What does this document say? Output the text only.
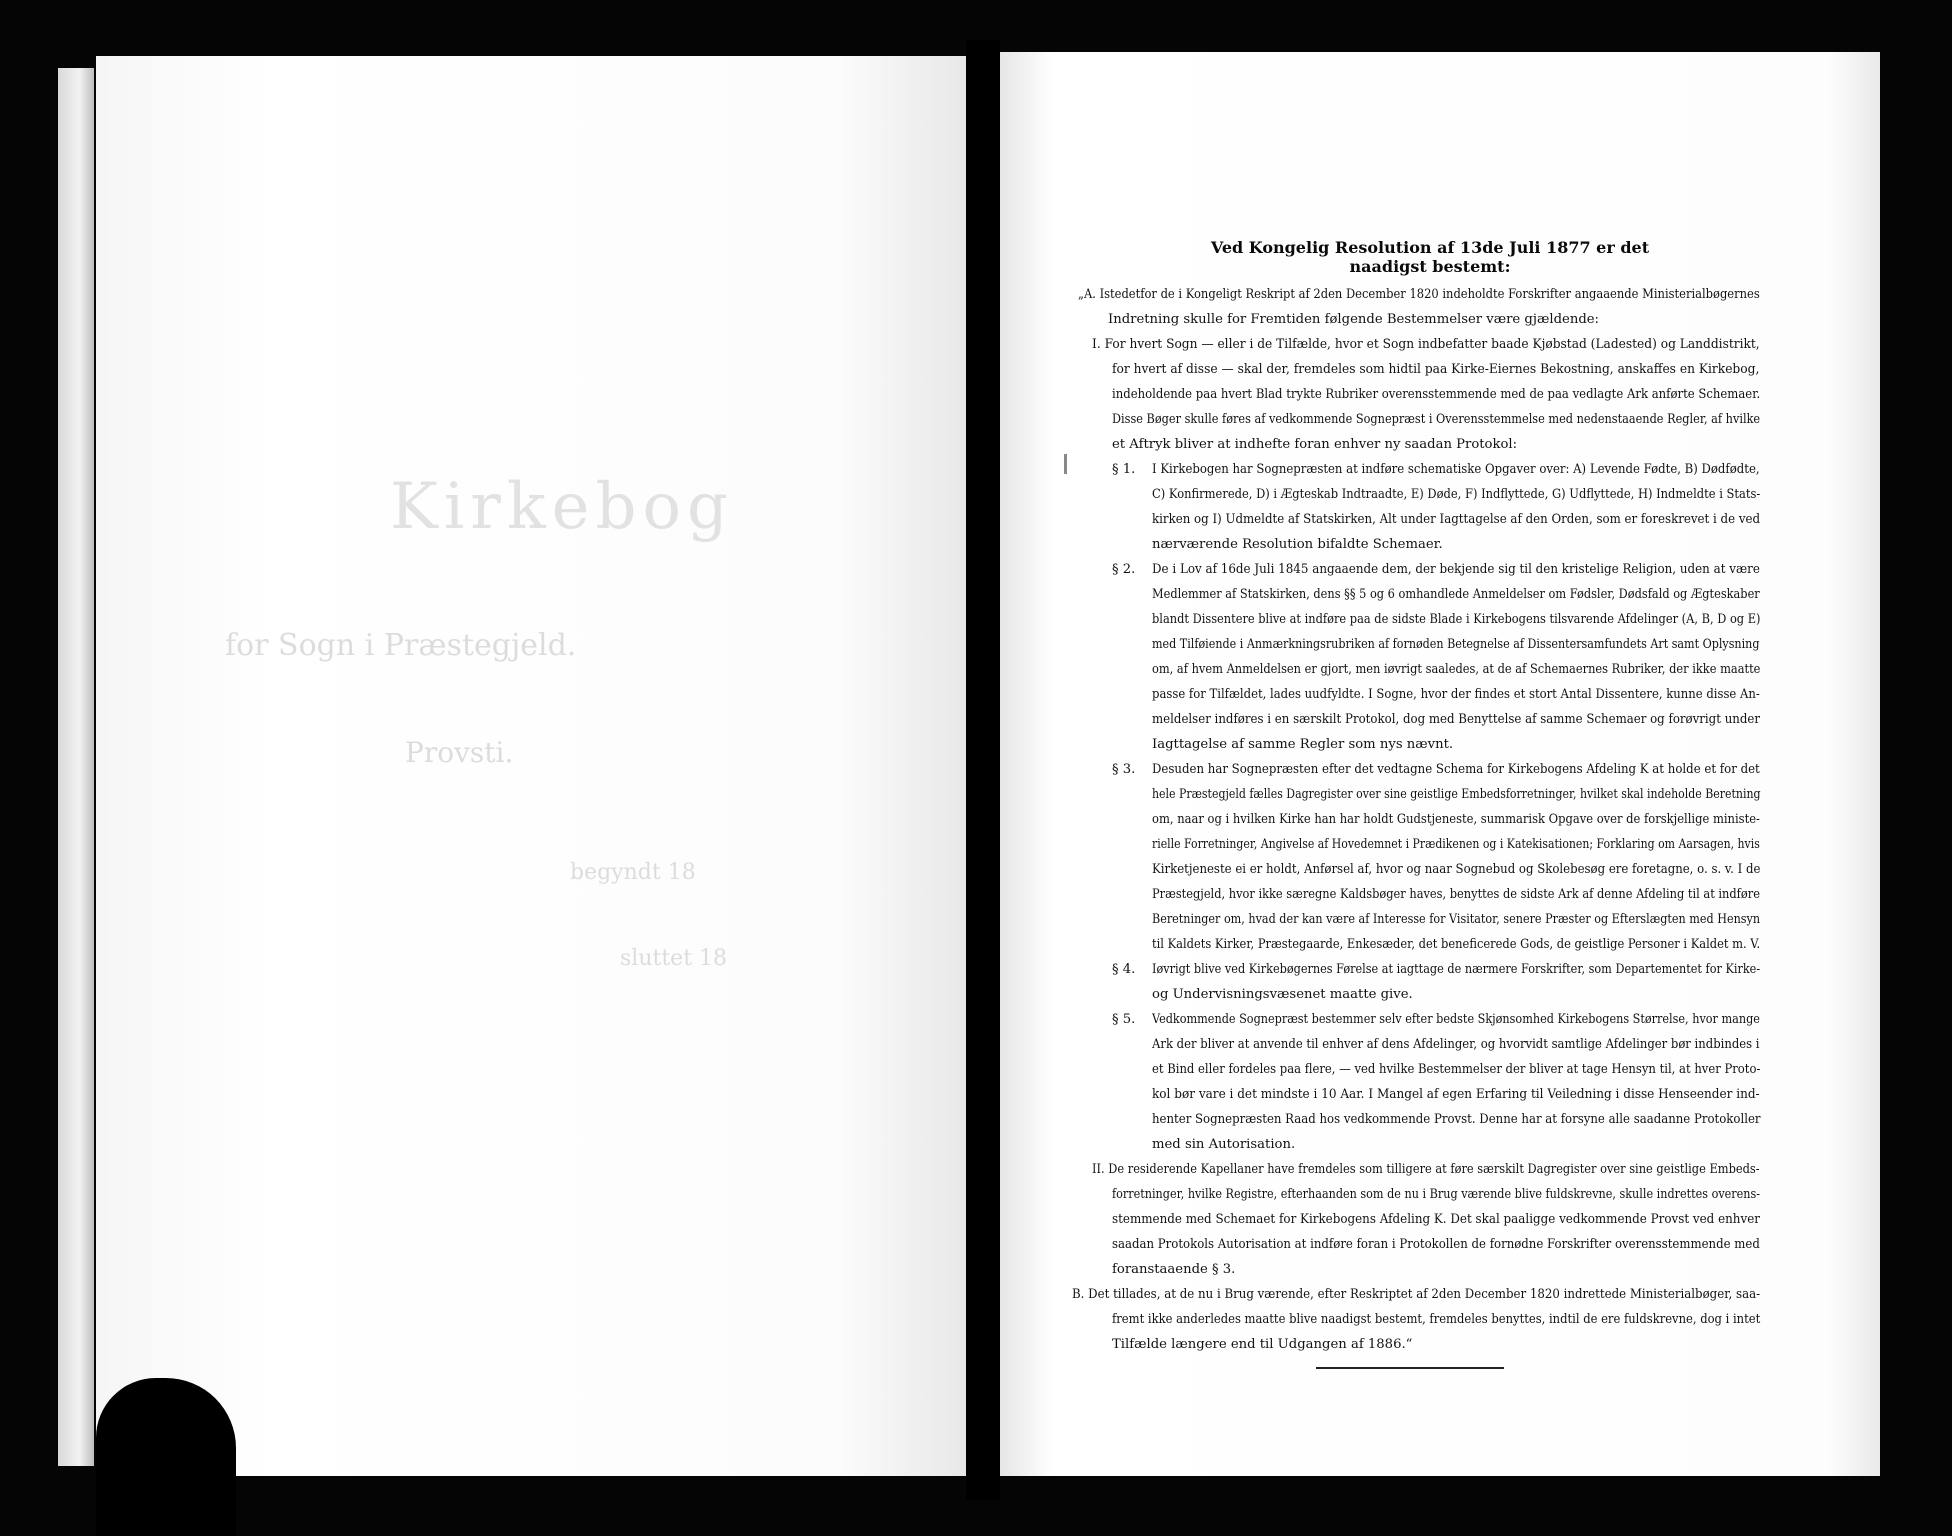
Kirkebog
for Sogn i Præstegjeld.
Provsti.
begyndt 18
sluttet 18
Ved Kongelig Resolution af 13de Juli 1877 er det naadigst bestemt:
„A. Istedetfor de i Kongeligt Reskript af 2den December 1820 indeholdte Forskrifter angaaende Ministerialbøgernes
Indretning skulle for Fremtiden følgende Bestemmelser være gjældende:
I. For hvert Sogn — eller i de Tilfælde, hvor et Sogn indbefatter baade Kjøbstad (Ladested) og Landdistrikt,
for hvert af disse — skal der, fremdeles som hidtil paa Kirke-Eiernes Bekostning, anskaffes en Kirkebog,
indeholdende paa hvert Blad trykte Rubriker overensstemmende med de paa vedlagte Ark anførte Schemaer.
Disse Bøger skulle føres af vedkommende Sognepræst i Overensstemmelse med nedenstaaende Regler, af hvilke
et Aftryk bliver at indhefte foran enhver ny saadan Protokol:
§ 1. I Kirkebogen har Sognepræsten at indføre schematiske Opgaver over: A) Levende Fødte, B) Dødfødte,
C) Konfirmerede, D) i Ægteskab Indtraadte, E) Døde, F) Indflyttede, G) Udflyttede, H) Indmeldte i Stats-
kirken og I) Udmeldte af Statskirken, Alt under Iagttagelse af den Orden, som er foreskrevet i de ved
nærværende Resolution bifaldte Schemaer.
§ 2. De i Lov af 16de Juli 1845 angaaende dem, der bekjende sig til den kristelige Religion, uden at være
Medlemmer af Statskirken, dens §§ 5 og 6 omhandlede Anmeldelser om Fødsler, Dødsfald og Ægteskaber
blandt Dissentere blive at indføre paa de sidste Blade i Kirkebogens tilsvarende Afdelinger (A, B, D og E)
med Tilføiende i Anmærkningsrubriken af fornøden Betegnelse af Dissentersamfundets Art samt Oplysning
om, af hvem Anmeldelsen er gjort, men iøvrigt saaledes, at de af Schemaernes Rubriker, der ikke maatte
passe for Tilfældet, lades uudfyldte. I Sogne, hvor der findes et stort Antal Dissentere, kunne disse An-
meldelser indføres i en særskilt Protokol, dog med Benyttelse af samme Schemaer og forøvrigt under
Iagttagelse af samme Regler som nys nævnt.
§ 3. Desuden har Sognepræsten efter det vedtagne Schema for Kirkebogens Afdeling K at holde et for det
hele Præstegjeld fælles Dagregister over sine geistlige Embedsforretninger, hvilket skal indeholde Beretning
om, naar og i hvilken Kirke han har holdt Gudstjeneste, summarisk Opgave over de forskjellige ministe-
rielle Forretninger, Angivelse af Hovedemnet i Prædikenen og i Katekisationen; Forklaring om Aarsagen, hvis
Kirketjeneste ei er holdt, Anførsel af, hvor og naar Sognebud og Skolebesøg ere foretagne, o. s. v. I de
Præstegjeld, hvor ikke særegne Kaldsbøger haves, benyttes de sidste Ark af denne Afdeling til at indføre
Beretninger om, hvad der kan være af Interesse for Visitator, senere Præster og Efterslægten med Hensyn
til Kaldets Kirker, Præstegaarde, Enkesæder, det beneficerede Gods, de geistlige Personer i Kaldet m. V.
§ 4. Iøvrigt blive ved Kirkebøgernes Førelse at iagttage de nærmere Forskrifter, som Departementet for Kirke-
og Undervisningsvæsenet maatte give.
§ 5. Vedkommende Sognepræst bestemmer selv efter bedste Skjønsomhed Kirkebogens Størrelse, hvor mange
Ark der bliver at anvende til enhver af dens Afdelinger, og hvorvidt samtlige Afdelinger bør indbindes i
et Bind eller fordeles paa flere, — ved hvilke Bestemmelser der bliver at tage Hensyn til, at hver Proto-
kol bør vare i det mindste i 10 Aar. I Mangel af egen Erfaring til Veiledning i disse Henseender ind-
henter Sognepræsten Raad hos vedkommende Provst. Denne har at forsyne alle saadanne Protokoller
med sin Autorisation.
II. De residerende Kapellaner have fremdeles som tilligere at føre særskilt Dagregister over sine geistlige Embeds-
forretninger, hvilke Registre, efterhaanden som de nu i Brug værende blive fuldskrevne, skulle indrettes overens-
stemmende med Schemaet for Kirkebogens Afdeling K. Det skal paaligge vedkommende Provst ved enhver
saadan Protokols Autorisation at indføre foran i Protokollen de fornødne Forskrifter overensstemmende med
foranstaaende § 3.
B. Det tillades, at de nu i Brug værende, efter Reskriptet af 2den December 1820 indrettede Ministerialbøger, saa-
fremt ikke anderledes maatte blive naadigst bestemt, fremdeles benyttes, indtil de ere fuldskrevne, dog i intet
Tilfælde længere end til Udgangen af 1886.“
